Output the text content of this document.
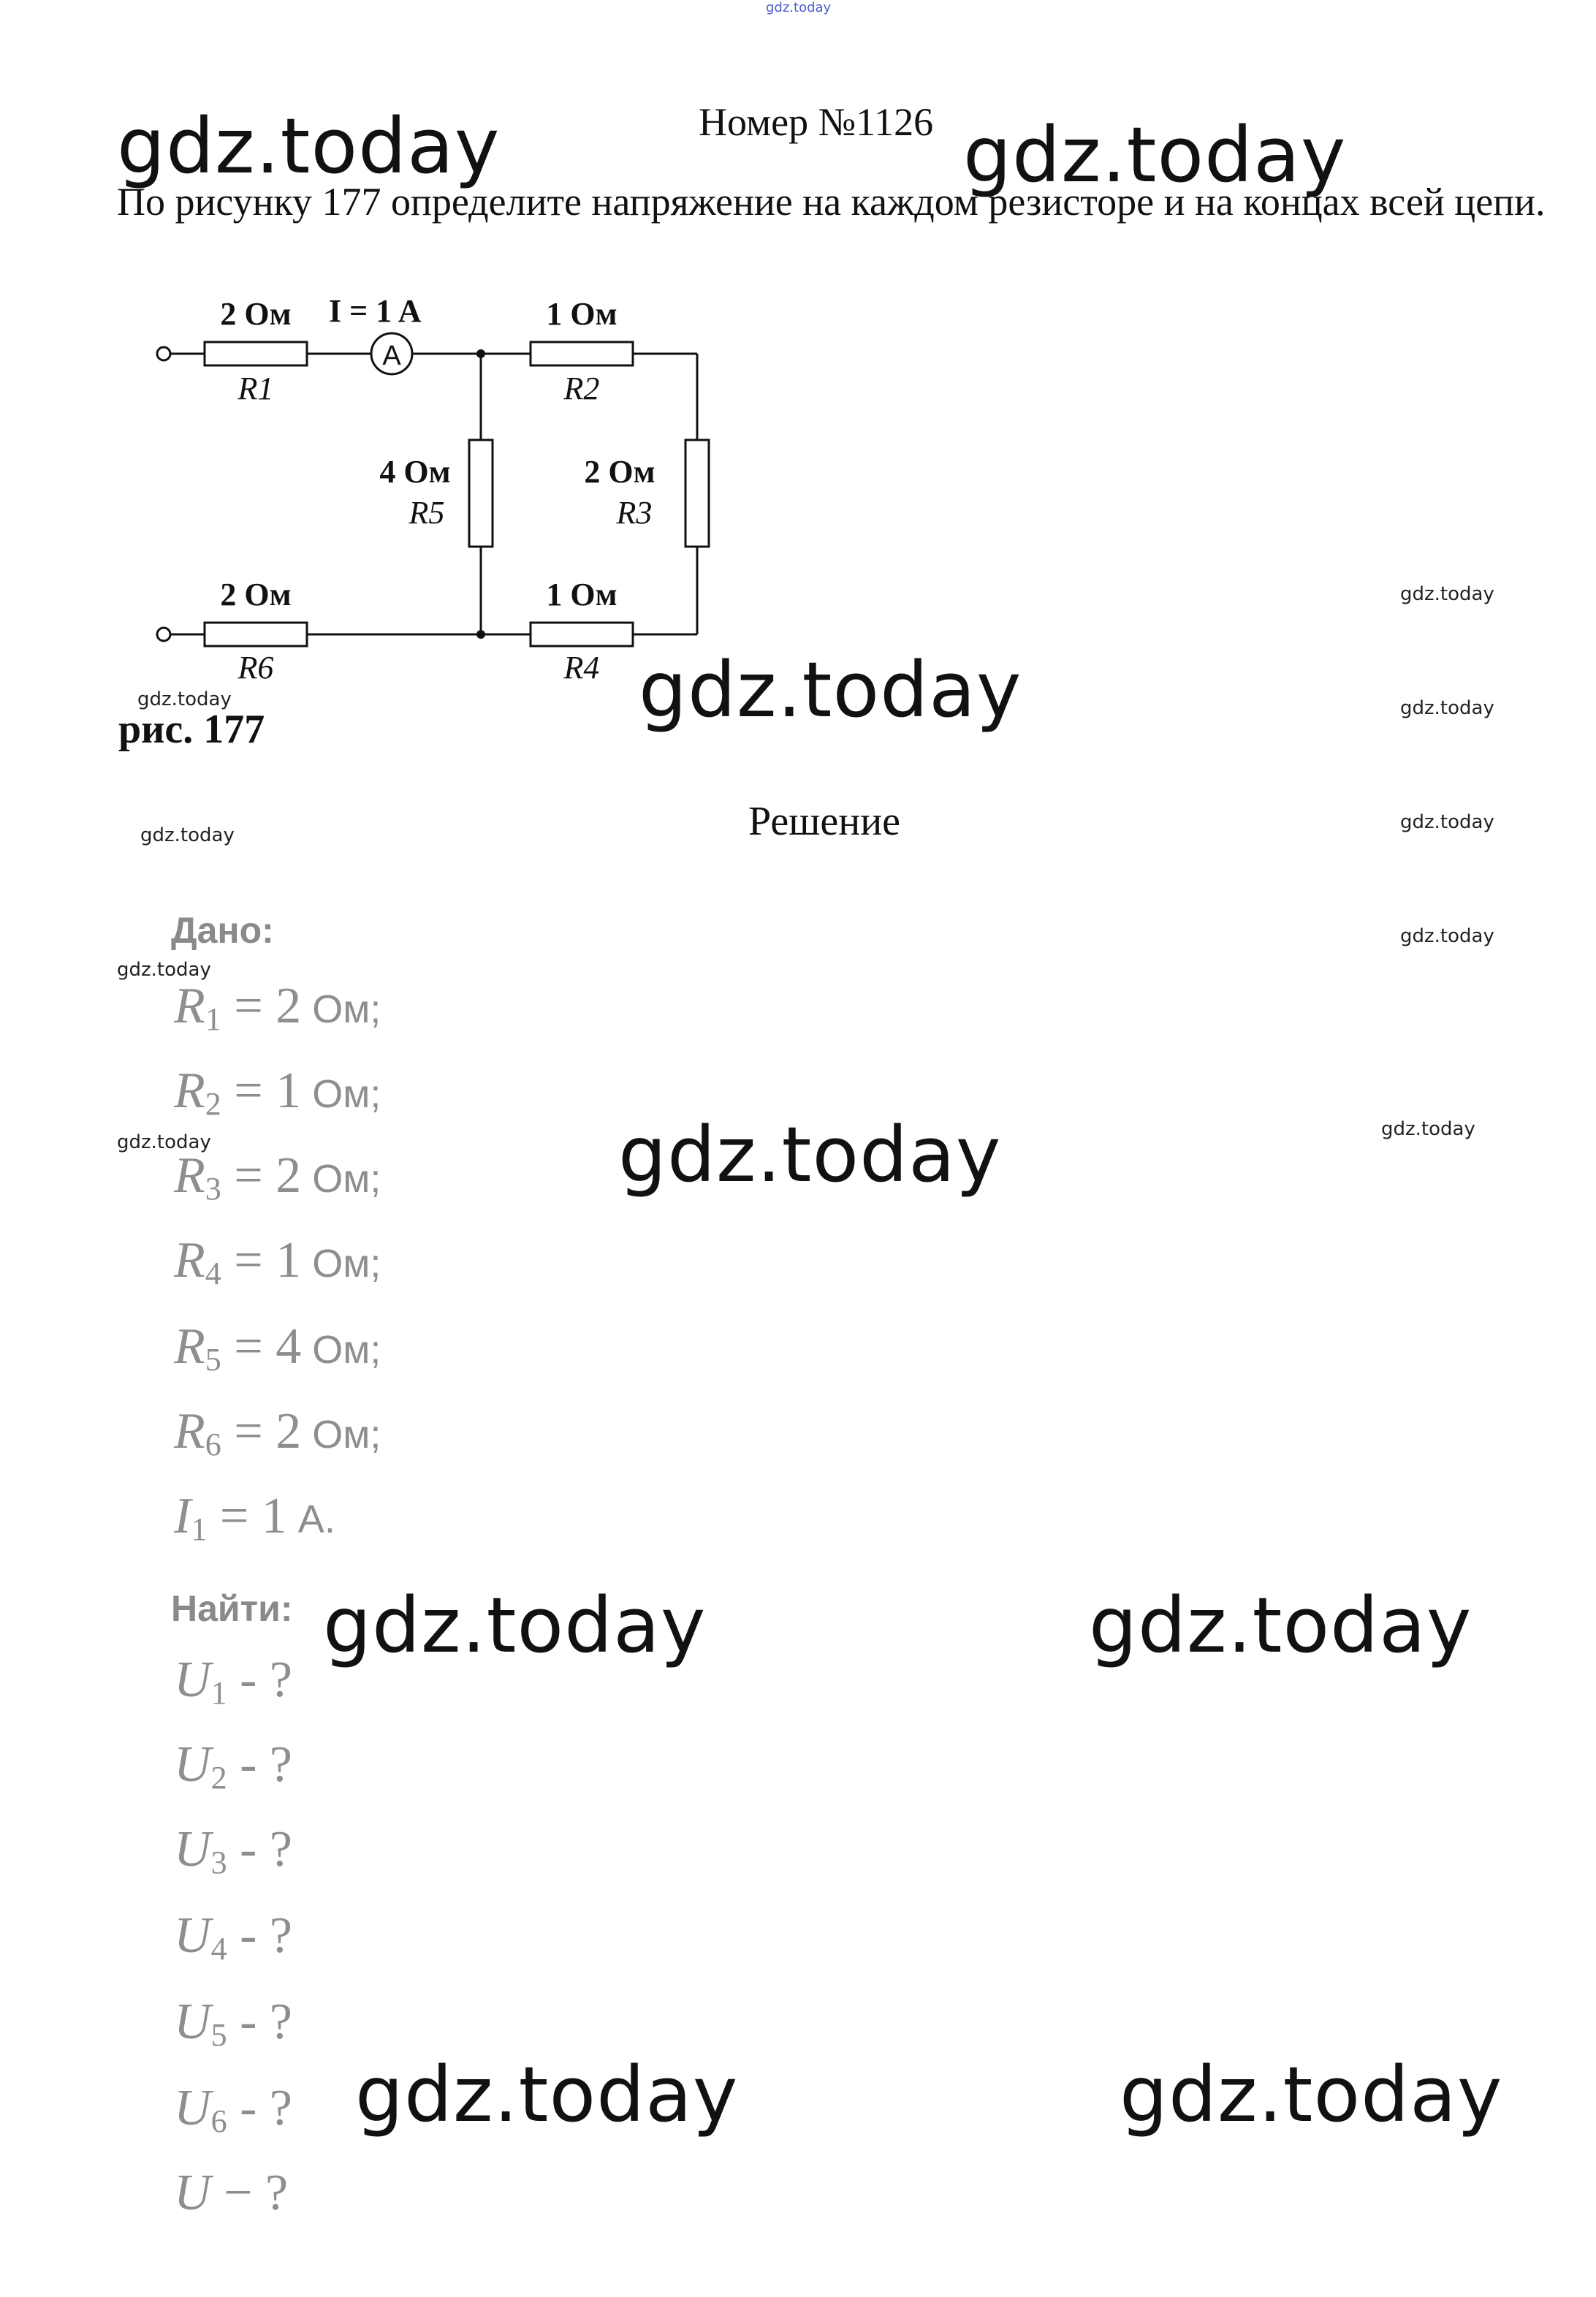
gdz.today
gdz.today	gdz.today
gdz.today
gdz.today
gdz.today	gdz.today
gdz.today	gdz.today
gdz.today
gdz.today	gdz.today
gdz.today
gdz.today
gdz.today
gdz.today
gdz.today
gdz.today
Номер №1126
По рисунку 177 определите напряжение на каждом резисторе и на концах всей цепи.
A
I = 1 A
2 Ом
R1
1 Ом
R2
2 Ом
R3
4 Ом
R5
2 Ом
R6
1 Ом
R4
рис. 177
Решение
Дано:
$R_1 = 2$ Ом;
$R_2 = 1$ Ом;
$R_3 = 2$ Ом;
$R_4 = 1$ Ом;
$R_5 = 4$ Ом;
$R_6 = 2$ Ом;
$I_1 = 1$ А.
Найти:
$U_1$ - ?
$U_2$ - ?
$U_3$ - ?
$U_4$ - ?
$U_5$ - ?
$U_6$ - ?
U − ?
